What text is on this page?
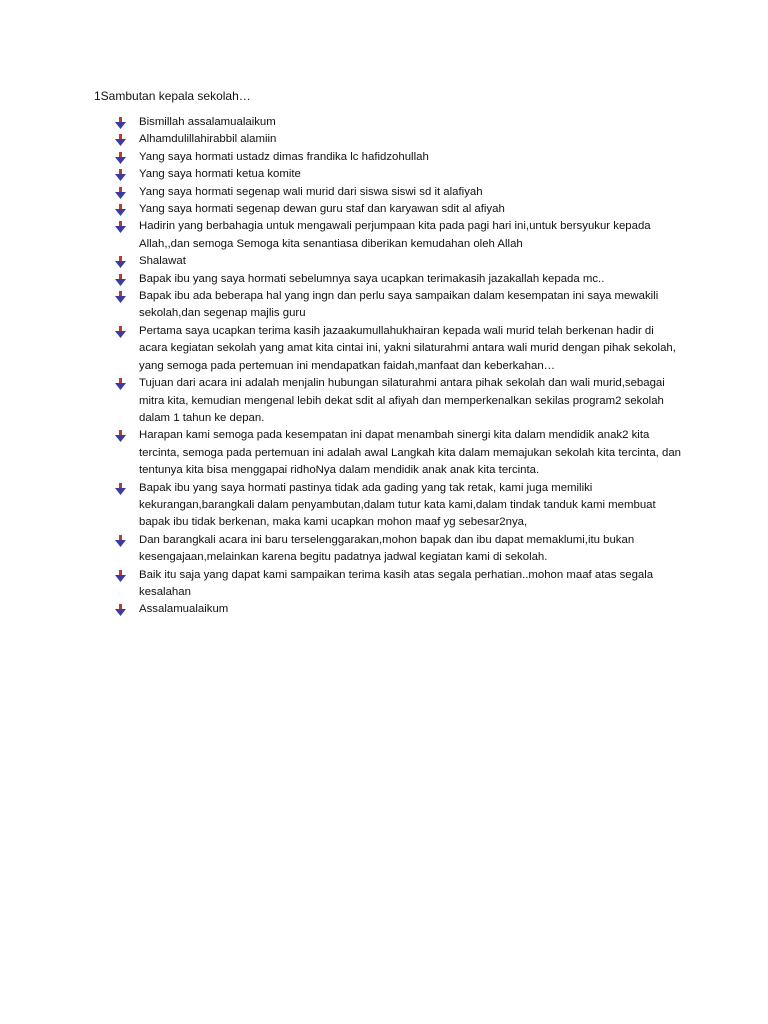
1Sambutan kepala sekolah…
Bismillah assalamualaikum
Alhamdulillahirabbil alamiin
Yang saya hormati ustadz dimas frandika lc hafidzohullah
Yang saya hormati ketua komite
Yang saya hormati segenap wali murid dari siswa siswi sd it alafiyah
Yang saya hormati segenap dewan guru staf dan karyawan sdit al afiyah
Hadirin yang berbahagia untuk mengawali perjumpaan kita pada pagi hari ini,untuk bersyukur kepada Allah,,dan semoga Semoga kita senantiasa diberikan kemudahan oleh Allah
Shalawat
Bapak ibu yang saya hormati sebelumnya saya ucapkan terimakasih jazakallah kepada mc..
Bapak ibu ada beberapa hal yang ingn dan perlu saya sampaikan dalam kesempatan ini saya mewakili sekolah,dan segenap majlis guru
Pertama saya ucapkan terima kasih jazaakumullahukhairan kepada wali murid telah berkenan hadir di acara kegiatan sekolah yang amat kita cintai ini, yakni silaturahmi antara wali murid dengan pihak sekolah, yang semoga pada pertemuan ini mendapatkan faidah,manfaat dan keberkahan…
Tujuan dari acara ini adalah menjalin hubungan silaturahmi antara pihak sekolah dan wali murid,sebagai mitra kita, kemudian mengenal lebih dekat sdit al afiyah dan memperkenalkan sekilas program2 sekolah dalam 1 tahun ke depan.
Harapan kami semoga pada kesempatan ini dapat menambah sinergi kita dalam mendidik anak2 kita tercinta, semoga pada pertemuan ini adalah awal Langkah kita dalam memajukan sekolah kita tercinta, dan tentunya kita bisa menggapai ridhoNya dalam mendidik anak anak kita tercinta.
Bapak ibu yang saya hormati pastinya tidak ada gading yang tak retak, kami juga memiliki kekurangan,barangkali dalam penyambutan,dalam tutur kata kami,dalam tindak tanduk kami membuat bapak ibu tidak berkenan, maka kami ucapkan mohon maaf yg sebesar2nya,
Dan barangkali acara ini baru terselenggarakan,mohon bapak dan ibu dapat memaklumi,itu bukan kesengajaan,melainkan karena begitu padatnya jadwal kegiatan kami di sekolah.
Baik itu saja yang dapat kami sampaikan terima kasih atas segala perhatian..mohon maaf atas segala kesalahan
Assalamualaikum
